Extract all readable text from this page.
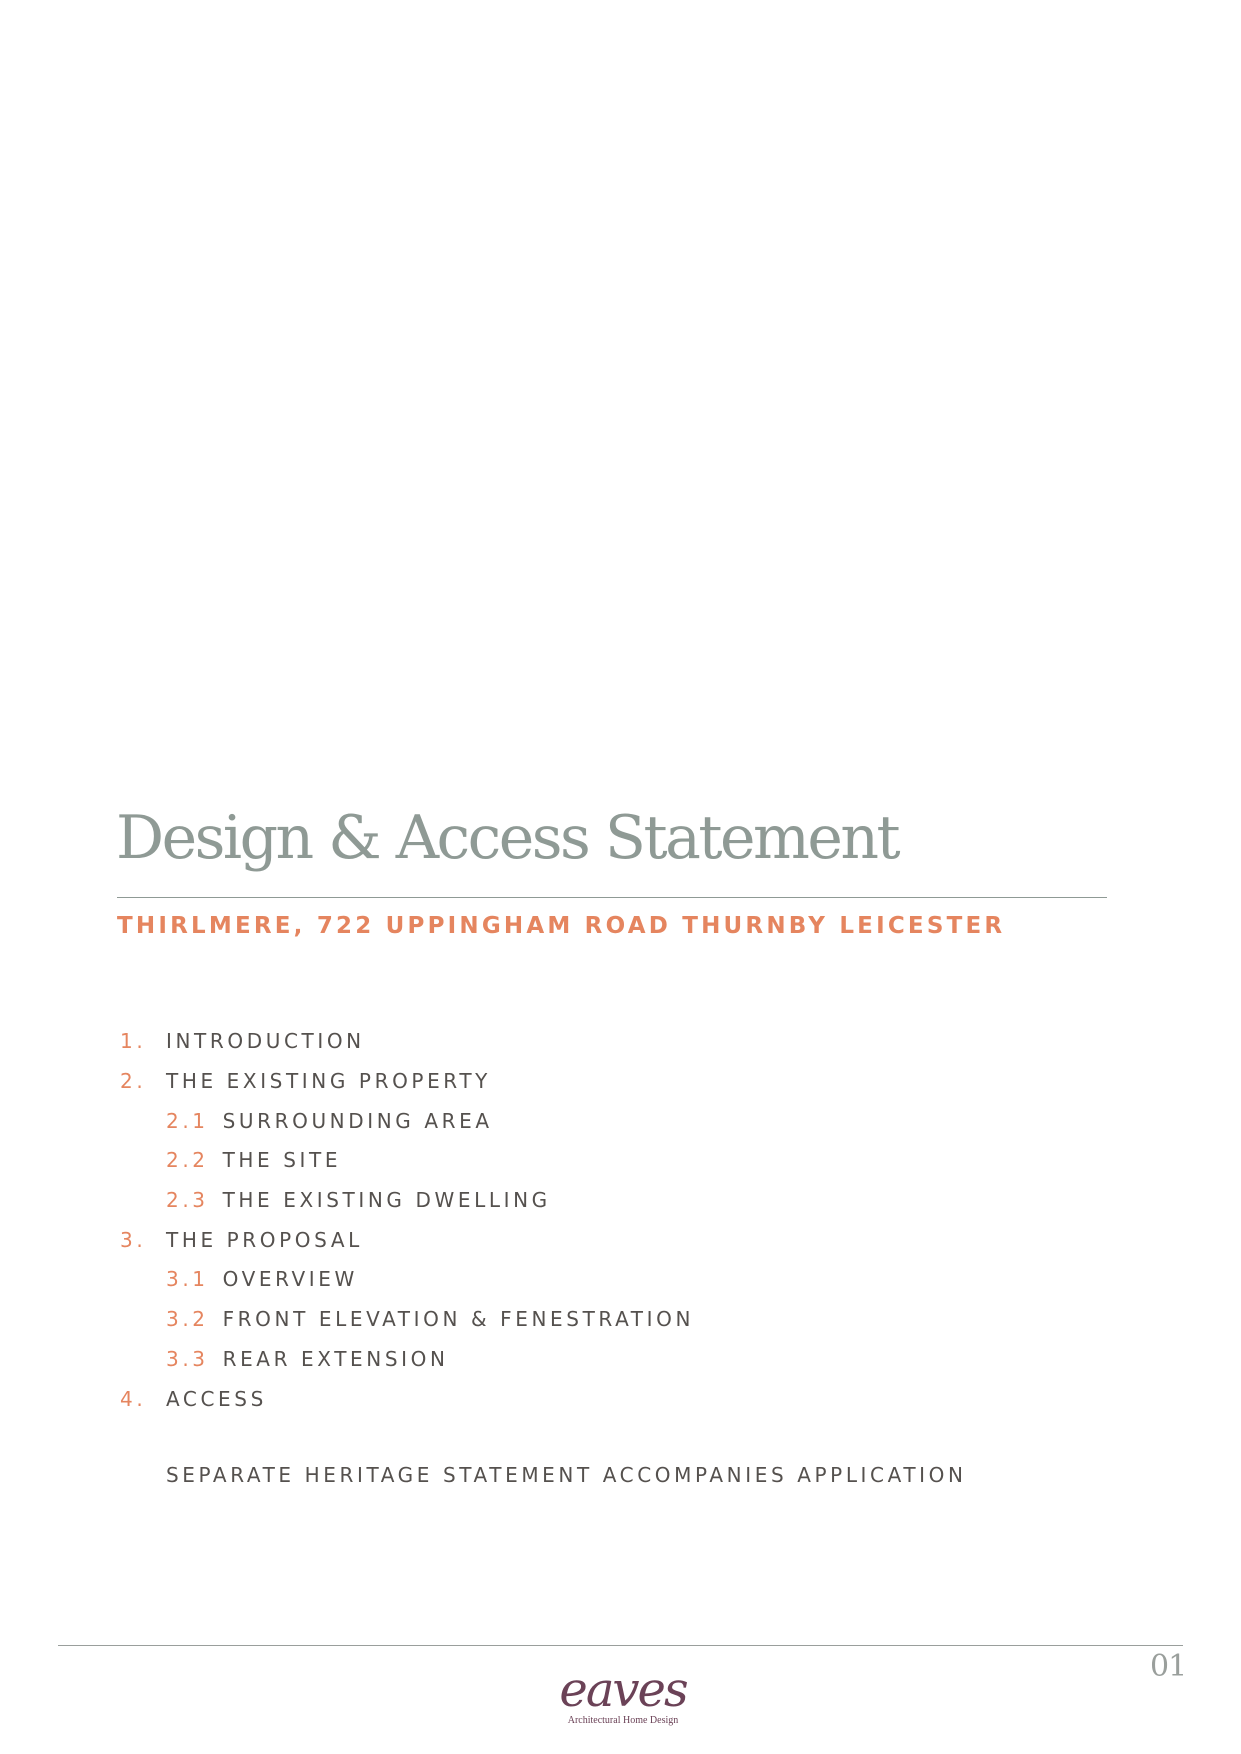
Design & Access Statement
THIRLMERE, 722 UPPINGHAM ROAD THURNBY LEICESTER
1. INTRODUCTION
2. THE EXISTING PROPERTY
2.1 SURROUNDING AREA
2.2 THE SITE
2.3 THE EXISTING DWELLING
3. THE PROPOSAL
3.1 OVERVIEW
3.2 FRONT ELEVATION & FENESTRATION
3.3 REAR EXTENSION
4. ACCESS
SEPARATE HERITAGE STATEMENT ACCOMPANIES APPLICATION
eaves
Architectural Home Design
01
